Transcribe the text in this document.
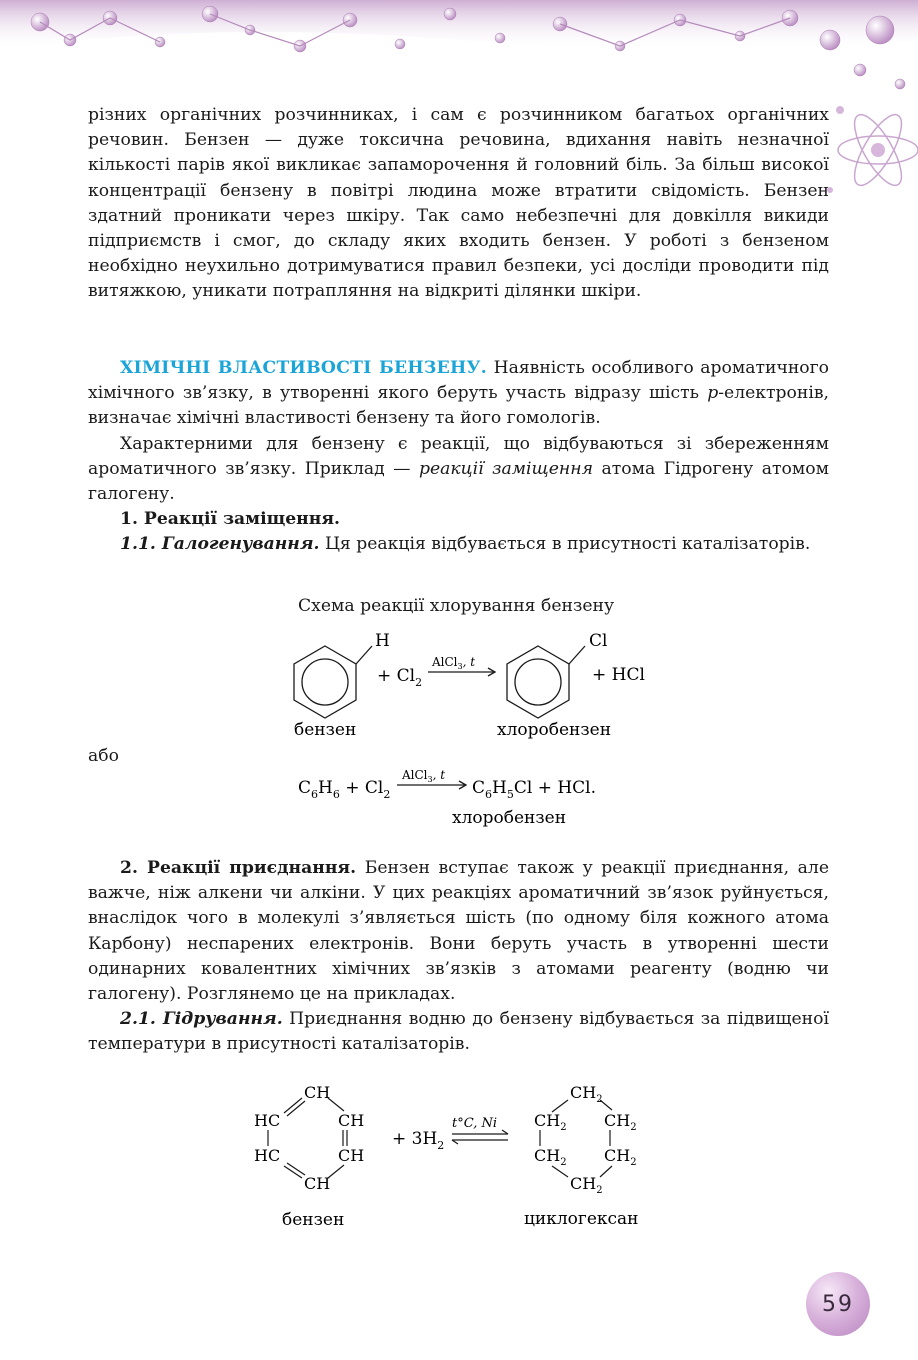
різних органічних розчинниках, і сам є розчинником багатьох органічних речовин. Бензен — дуже токсична речовина, вдихання навіть незначної кількості парів якої викликає запаморочення й головний біль. За більш високої концентрації бензену в повітрі людина може втратити свідомість. Бензен здатний проникати через шкіру. Так само небезпечні для довкілля викиди підприємств і смог, до складу яких входить бензен. У роботі з бензеном необхідно неухильно дотримуватися правил безпеки, усі досліди проводити під витяжкою, уникати потрапляння на відкриті ділянки шкіри.

ХІМІЧНІ ВЛАСТИВОСТІ БЕНЗЕНУ. Наявність особливого ароматичного хімічного зв’язку, в утворенні якого беруть участь відразу шість p-електронів, визначає хімічні властивості бензену та його гомологів.

Характерними для бензену є реакції, що відбуваються зі збереженням ароматичного зв’язку. Приклад — реакції заміщення атома Гідрогену атомом галогену.

1. Реакції заміщення.

1.1. Галогенування. Ця реакція відбувається в присутності каталізаторів.

Схема реакції хлорування бензену
H
+ $Cl_2$
AlCl$_3$, t
Cl
+ HCl
бензен	хлоробензен
або
$C_6H_6 + Cl_2$
AlCl$_3$, t
$C_6H_5Cl$ + HCl.
хлоробензен

2. Реакції приєднання. Бензен вступає також у реакції приєднання, але важче, ніж алкени чи алкіни. У цих реакціях ароматичний зв’язок руйнується, внаслідок чого в молекулі з’являється шість (по одному біля кожного атома Карбону) неспарених електронів. Вони беруть участь в утворенні шести одинарних ковалентних хімічних зв’язків з атомами реагенту (водню чи галогену). Розглянемо це на прикладах.

2.1. Гідрування. Приєднання водню до бензену відбувається за підвищеної температури в присутності каталізаторів.

CH
HC	CH
HC	CH
CH
+ $3H_2$
t°C, Ni
$CH_2$
$CH_2$ $CH_2$
$CH_2$ $CH_2$
$CH_2$
бензен	циклогексан
59
